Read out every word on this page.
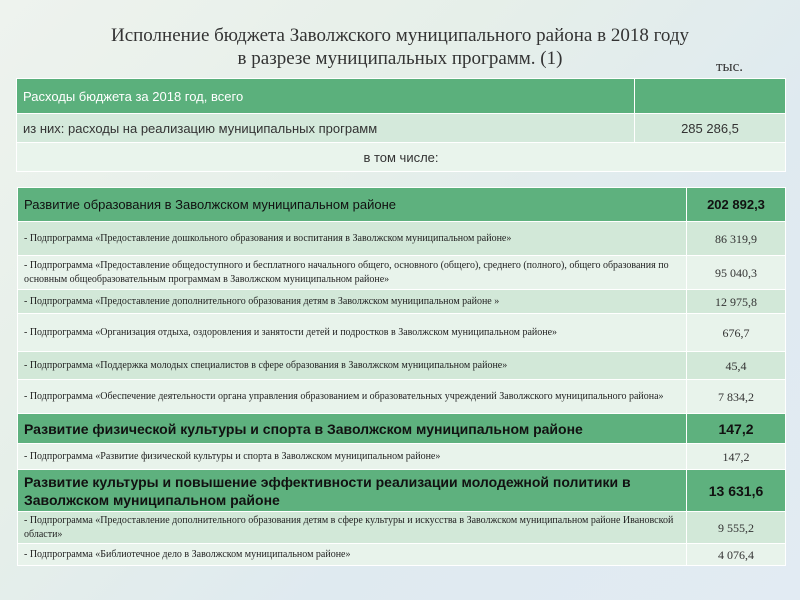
Исполнение бюджета Заволжского муниципального района в 2018 году
в разрезе муниципальных программ. (1)	тыс.
Расходы бюджета за 2018 год, всего	
из них: расходы на реализацию муниципальных программ	285 286,5
в том числе:	
Развитие образования в Заволжском муниципальном районе	202 892,3
- Подпрограмма «Предоставление дошкольного образования и воспитания в Заволжском муниципальном районе»	86 319,9
- Подпрограмма «Предоставление общедоступного и бесплатного начального общего, основного (общего), среднего (полного), общего образования по основным общеобразовательным программам в Заволжском муниципальном районе»	95 040,3
- Подпрограмма «Предоставление дополнительного образования детям в Заволжском муниципальном районе »	12 975,8
- Подпрограмма «Организация отдыха, оздоровления и занятости детей и подростков в Заволжском муниципальном районе»	676,7
- Подпрограмма «Поддержка молодых специалистов в сфере образования в Заволжском муниципальном районе»	45,4
- Подпрограмма «Обеспечение деятельности органа управления образованием и образовательных учреждений Заволжского муниципального района»	7 834,2
Развитие физической культуры и спорта в Заволжском муниципальном районе	147,2
- Подпрограмма «Развитие физической культуры и спорта в Заволжском муниципальном районе»	147,2
Развитие культуры и повышение эффективности реализации молодежной политики в Заволжском муниципальном районе	13 631,6
- Подпрограмма «Предоставление дополнительного образования детям в сфере культуры и искусства в Заволжском муниципальном районе Ивановской области»	9 555,2
- Подпрограмма «Библиотечное дело в Заволжском муниципальном районе»	4 076,4
